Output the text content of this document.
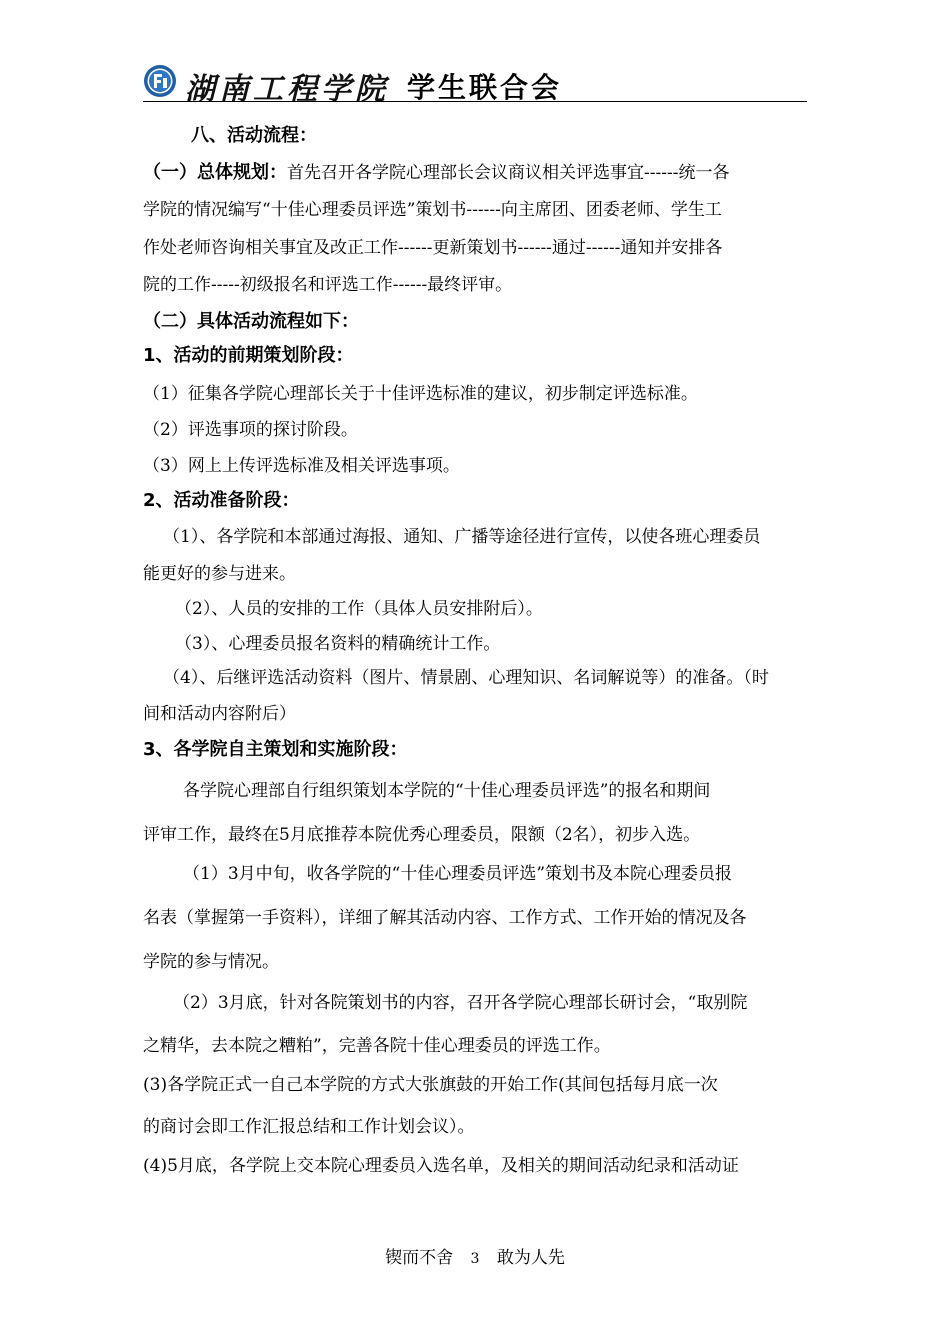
湖南工程学院 学生联合会
八、活动流程：
（一）总体规划：首先召开各学院心理部长会议商议相关评选事宜------统一各
学院的情况编写“十佳心理委员评选”策划书------向主席团、团委老师、学生工
作处老师咨询相关事宜及改正工作------更新策划书------通过------通知并安排各
院的工作-----初级报名和评选工作------最终评审。
（二）具体活动流程如下：
1、活动的前期策划阶段：
（1）征集各学院心理部长关于十佳评选标准的建议，初步制定评选标准。
（2）评选事项的探讨阶段。
（3）网上上传评选标准及相关评选事项。
2、活动准备阶段：
（1）、各学院和本部通过海报、通知、广播等途径进行宣传，以使各班心理委员
能更好的参与进来。
（2）、人员的安排的工作（具体人员安排附后）。
（3）、心理委员报名资料的精确统计工作。
（4）、后继评选活动资料（图片、情景剧、心理知识、名词解说等）的准备。（时
间和活动内容附后）
3、各学院自主策划和实施阶段：
各学院心理部自行组织策划本学院的“十佳心理委员评选”的报名和期间
评审工作，最终在5月底推荐本院优秀心理委员，限额（2名），初步入选。
（1）3月中旬，收各学院的“十佳心理委员评选”策划书及本院心理委员报
名表（掌握第一手资料），详细了解其活动内容、工作方式、工作开始的情况及各
学院的参与情况。
（2）3月底，针对各院策划书的内容，召开各学院心理部长研讨会，“取别院
之精华，去本院之糟粕”，完善各院十佳心理委员的评选工作。
(3)各学院正式一自己本学院的方式大张旗鼓的开始工作(其间包括每月底一次
的商讨会即工作汇报总结和工作计划会议）。
(4)5月底，各学院上交本院心理委员入选名单，及相关的期间活动纪录和活动证
锲而不舍 3 敢为人先
